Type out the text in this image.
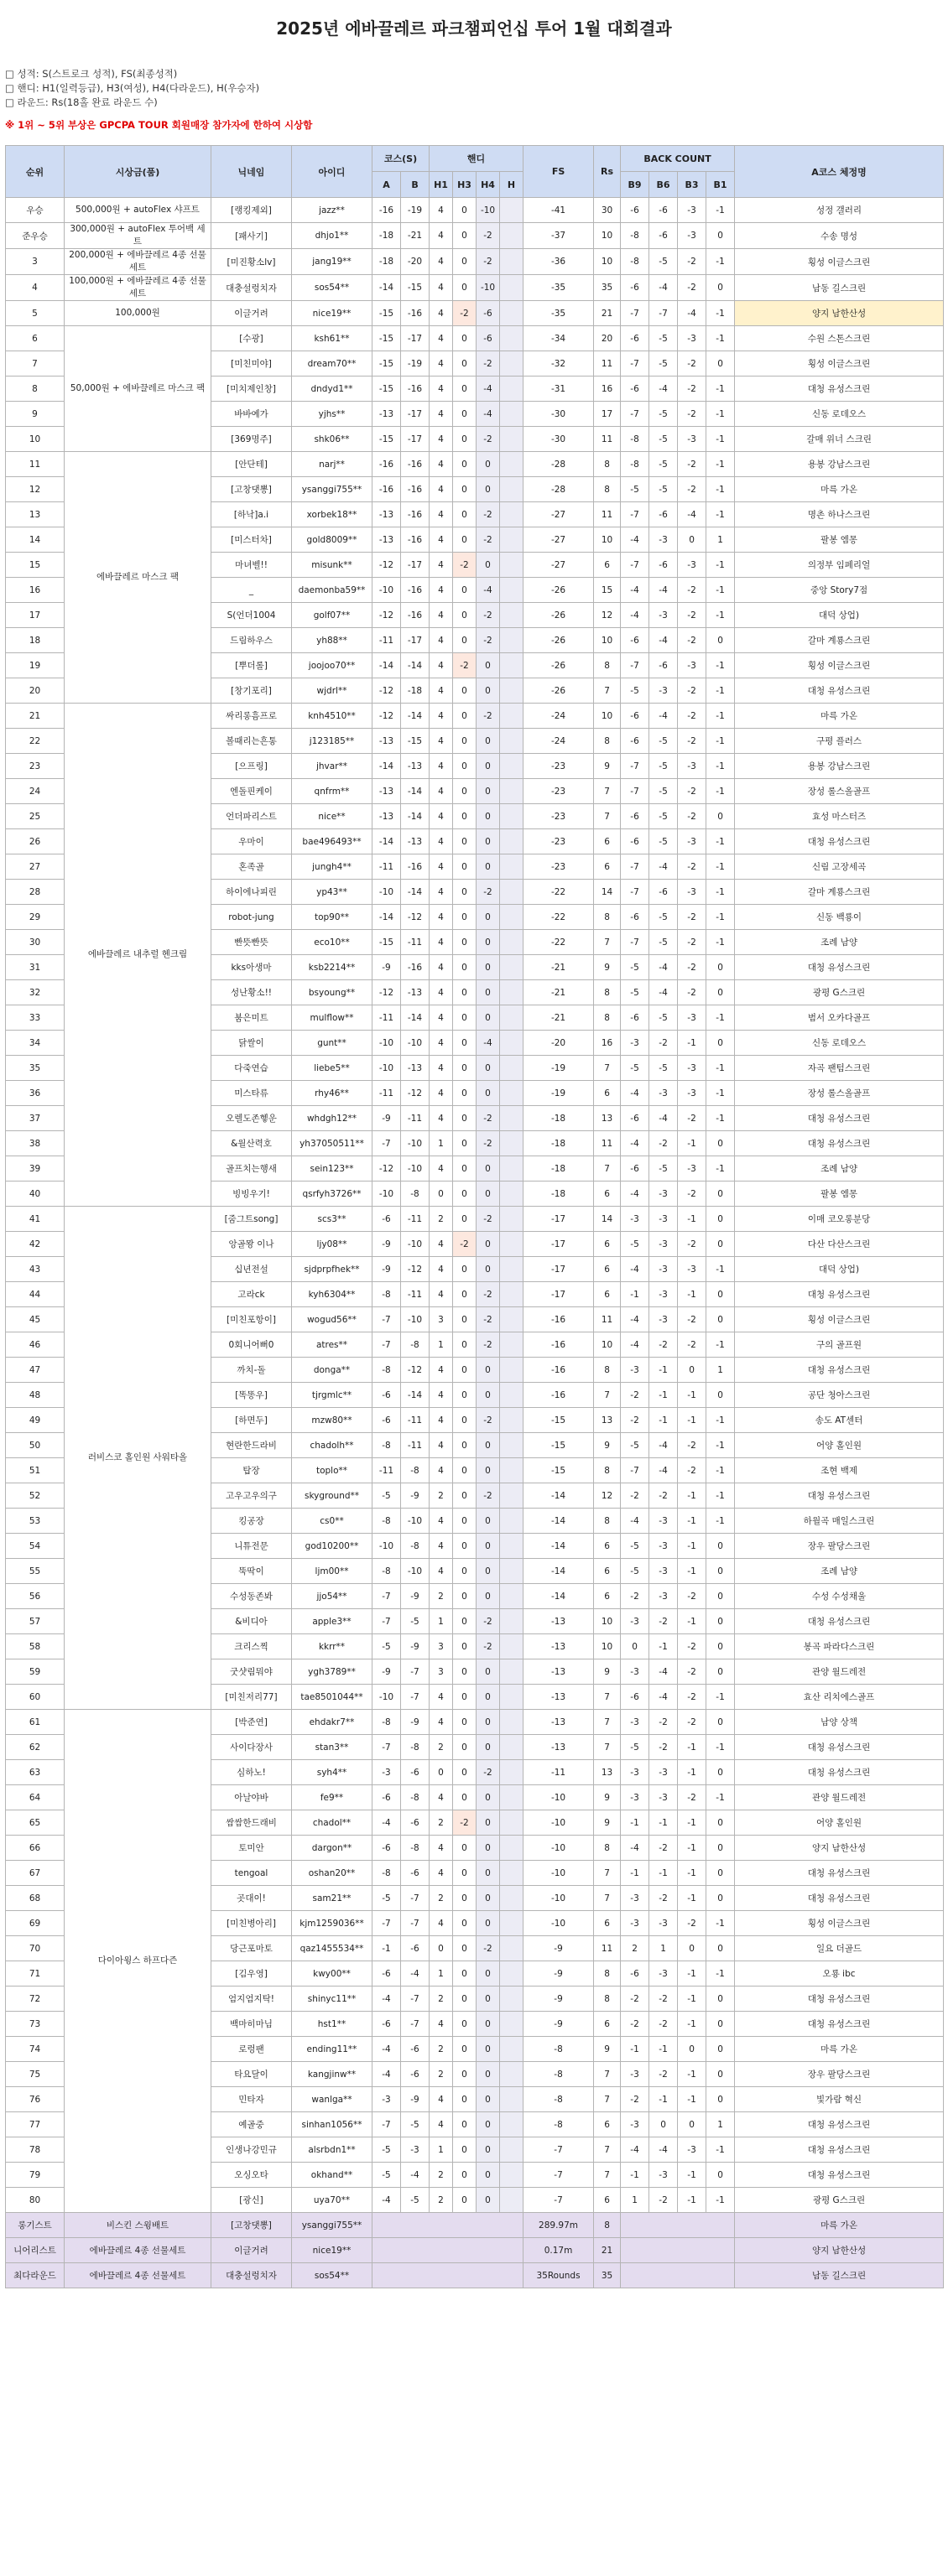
2025년 에바끌레르 파크챔피언십 투어 1월 대회결과
□ 성적: S(스트로크 성적), FS(최종성적)
□ 핸디: H1(일력등급), H3(여성), H4(다라운드), H(우승자)
□ 라운드: Rs(18홀 완료 라운드 수)
※ 1위 ~ 5위 부상은 GPCPA TOUR 회원매장 참가자에 한하여 시상함
순위	시상금(품)	닉네임	아이디	코스(S)		핸디				FS	Rs	BACK COUNT				A코스 체정명
				A	B	H1	H3	H4	H			B9	B6	B3	B1	
우승	500,000원 + autoFlex 샤프트	[랭킹제외]	jazz**	-16	-19	4	0	-10		-41	30	-6	-6	-3	-1	성정 갤러리
준우승	300,000원 + autoFlex 투어백 세트	[패사기]	dhjo1**	-18	-21	4	0	-2		-37	10	-8	-6	-3	0	수송 명성
3	200,000원 + 에바끌레르 4종 선물세트	[미진황소lv]	jang19**	-18	-20	4	0	-2		-36	10	-8	-5	-2	-1	횡성 이글스크린
4	100,000원 + 에바끌레르 4종 선물세트	대충설렁치자	sos54**	-14	-15	4	0	-10		-35	35	-6	-4	-2	0	남동 길스크린
5	100,000원	이글거려	nice19**	-15	-16	4	-2	-6		-35	21	-7	-7	-4	-1	양지 남한산성
6	50,000원 + 에바끌레르 마스크 팩	[수광]	ksh61**	-15	-17	4	0	-6		-34	20	-6	-5	-3	-1	수원 스톤스크린
7		[미친미야]	dream70**	-15	-19	4	0	-2		-32	11	-7	-5	-2	0	횡성 이글스크린
8		[미치제인창]	dndyd1**	-15	-16	4	0	-4		-31	16	-6	-4	-2	-1	대청 유성스크린
9		바바예가	yjhs**	-13	-17	4	0	-4		-30	17	-7	-5	-2	-1	신동 로데오스
10		[369명주]	shk06**	-15	-17	4	0	-2		-30	11	-8	-5	-3	-1	갈매 위너 스크린
11	에바끌레르 마스크 팩	[안단테]	narj**	-16	-16	4	0	0		-28	8	-8	-5	-2	-1	용봉 강남스크린
12		[고창댓뽕]	ysanggi755**	-16	-16	4	0	0		-28	8	-5	-5	-2	-1	마륵 가온
13		[하낙]a.i	xorbek18**	-13	-16	4	0	-2		-27	11	-7	-6	-4	-1	명촌 하나스크린
14		[미스터차]	gold8009**	-13	-16	4	0	-2		-27	10	-4	-3	0	1	팔봉 엠몽
15		마녀벨!!	misunk**	-12	-17	4	-2	0		-27	6	-7	-6	-3	-1	의정부 임페리얼
16		_	daemonba59**	-10	-16	4	0	-4		-26	15	-4	-4	-2	-1	중앙 Story7점
17		S(언더1004	golf07**	-12	-16	4	0	-2		-26	12	-4	-3	-2	-1	대덕 상업)
18		드림하우스	yh88**	-11	-17	4	0	-2		-26	10	-6	-4	-2	0	갈마 계룡스크린
19		[뿌더롤]	joojoo70**	-14	-14	4	-2	0		-26	8	-7	-6	-3	-1	횡성 이글스크린
20		[창기포리]	wjdrl**	-12	-18	4	0	0		-26	7	-5	-3	-2	-1	대청 유성스크린
21	에바끌레르 내추럴 헨크림	싸리롱흠프로	knh4510**	-12	-14	4	0	-2		-24	10	-6	-4	-2	-1	마륵 가온
22		볼때리는흔통	j123185**	-13	-15	4	0	0		-24	8	-6	-5	-2	-1	구평 플러스
23		[으프링]	jhvar**	-14	-13	4	0	0		-23	9	-7	-5	-3	-1	용봉 강남스크린
24		엔돌핀케이	qnfrm**	-13	-14	4	0	0		-23	7	-7	-5	-2	-1	장성 롤스올골프
25		언더파리스트	nice**	-13	-14	4	0	0		-23	7	-6	-5	-2	0	효성 마스터즈
26		우마이	bae496493**	-14	-13	4	0	0		-23	6	-6	-5	-3	-1	대청 유성스크린
27		혼족골	jungh4**	-11	-16	4	0	0		-23	6	-7	-4	-2	-1	신림 고장세곡
28		하이에나피린	yp43**	-10	-14	4	0	-2		-22	14	-7	-6	-3	-1	갈마 계룡스크린
29		robot-jung	top90**	-14	-12	4	0	0		-22	8	-6	-5	-2	-1	신동 백룡이
30		빤뜻빤뜻	eco10**	-15	-11	4	0	0		-22	7	-7	-5	-2	-1	조례 남양
31		kks아생마	ksb2214**	-9	-16	4	0	0		-21	9	-5	-4	-2	0	대청 유성스크린
32		성난황소!!	bsyoung**	-12	-13	4	0	0		-21	8	-5	-4	-2	0	광평 G스크린
33		붐은미트	mulflow**	-11	-14	4	0	0		-21	8	-6	-5	-3	-1	범서 오카다골프
34		닭쌀이	gunt**	-10	-10	4	0	-4		-20	16	-3	-2	-1	0	신동 로데오스
35		다죽연습	liebe5**	-10	-13	4	0	0		-19	7	-5	-5	-3	-1	자곡 팬텀스크린
36		미스타류	rhy46**	-11	-12	4	0	0		-19	6	-4	-3	-3	-1	장성 롤스올골프
37		오렐도존헿운	whdgh12**	-9	-11	4	0	-2		-18	13	-6	-4	-2	-1	대청 유성스크린
38		&월산력호	yh37050511**	-7	-10	1	0	-2		-18	11	-4	-2	-1	0	대청 유성스크린
39		골프치는행새	sein123**	-12	-10	4	0	0		-18	7	-6	-5	-3	-1	조례 남양
40		빙빙우기!	qsrfyh3726**	-10	-8	0	0	0		-18	6	-4	-3	-2	0	팔봉 엠몽
41	러비스코 홀인원 사워타올	[줌그트song]	scs3**	-6	-11	2	0	-2		-17	14	-3	-3	-1	0	이매 코오롱분당
42		앙골뫙 이나	ljy08**	-9	-10	4	-2	0		-17	6	-5	-3	-2	0	다산 다산스크린
43		십년전설	sjdprpfhek**	-9	-12	4	0	0		-17	6	-4	-3	-3	-1	대덕 상업)
44		고라ck	kyh6304**	-8	-11	4	0	-2		-17	6	-1	-3	-1	0	대청 유성스크린
45		[미친포항이]	wogud56**	-7	-10	3	0	-2		-16	11	-4	-3	-2	0	횡성 이글스크린
46		0회니어뻐0	atres**	-7	-8	1	0	-2		-16	10	-4	-2	-2	-1	구의 골프원
47		까치-돌	donga**	-8	-12	4	0	0		-16	8	-3	-1	0	1	대청 유성스크린
48		[똑똥우]	tjrgmlc**	-6	-14	4	0	0		-16	7	-2	-1	-1	0	공단 청아스크린
49		[하면두]	mzw80**	-6	-11	4	0	-2		-15	13	-2	-1	-1	-1	송도 AT센터
50		현란한드라비	chadolh**	-8	-11	4	0	0		-15	9	-5	-4	-2	-1	어양 홀인원
51		탑장	toplo**	-11	-8	4	0	0		-15	8	-7	-4	-2	-1	조현 백제
52		고우고우의구	skyground**	-5	-9	2	0	-2		-14	12	-2	-2	-1	-1	대청 유성스크린
53		킹공장	cs0**	-8	-10	4	0	0		-14	8	-4	-3	-1	-1	하월곡 매일스크린
54		니튜전문	god10200**	-10	-8	4	0	0		-14	6	-5	-3	-1	0	장우 팔당스크린
55		뚝딱이	ljm00**	-8	-10	4	0	0		-14	6	-5	-3	-1	0	조례 남양
56		수성동존봐	jjo54**	-7	-9	2	0	0		-14	6	-2	-3	-2	0	수성 수성채울
57		&비디아	apple3**	-7	-5	1	0	-2		-13	10	-3	-2	-1	0	대청 유성스크린
58		크리스찍	kkrr**	-5	-9	3	0	-2		-13	10	0	-1	-2	0	봉곡 파라다스크린
59		굿샷림뭐야	ygh3789**	-9	-7	3	0	0		-13	9	-3	-4	-2	0	관양 월드레전
60		[미친저리77]	tae8501044**	-10	-7	4	0	0		-13	7	-6	-4	-2	-1	효산 리치에스골프
61	다이아윙스 하프다즌	[박준연]	ehdakr7**	-8	-9	4	0	0		-13	7	-3	-2	-2	0	남양 상책
62		사이다장사	stan3**	-7	-8	2	0	0		-13	7	-5	-2	-1	-1	대청 유성스크린
63		심하노!	syh4**	-3	-6	0	0	-2		-11	13	-3	-3	-1	0	대청 유성스크린
64		아날야바	fe9**	-6	-8	4	0	0		-10	9	-3	-3	-2	-1	관양 월드레전
65		쌈쌈한드래비	chadol**	-4	-6	2	-2	0		-10	9	-1	-1	-1	0	어양 홀인원
66		토미안	dargon**	-6	-8	4	0	0		-10	8	-4	-2	-1	0	양지 남한산성
67		tengoal	oshan20**	-8	-6	4	0	0		-10	7	-1	-1	-1	0	대청 유성스크린
68		곳대이!	sam21**	-5	-7	2	0	0		-10	7	-3	-2	-1	0	대청 유성스크린
69		[미친병아리]	kjm1259036**	-7	-7	4	0	0		-10	6	-3	-3	-2	-1	횡성 이글스크린
70		당근포마토	qaz1455534**	-1	-6	0	0	-2		-9	11	2	1	0	0	일요 더골드
71		[김우영]	kwy00**	-6	-4	1	0	0		-9	8	-6	-3	-1	-1	오룡 ibc
72		엄지엄지탁!	shinyc11**	-4	-7	2	0	0		-9	8	-2	-2	-1	0	대청 유성스크린
73		백마히마님	hst1**	-6	-7	4	0	0		-9	6	-2	-2	-1	0	대청 유성스크린
74		로렁팬	ending11**	-4	-6	2	0	0		-8	9	-1	-1	0	0	마륵 가온
75		타요달이	kangjinw**	-4	-6	2	0	0		-8	7	-3	-2	-1	0	장우 팔당스크린
76		민타자	wanlga**	-3	-9	4	0	0		-8	7	-2	-1	-1	0	빛가람 혁신
77		예골중	sinhan1056**	-7	-5	4	0	0		-8	6	-3	0	0	1	대청 유성스크린
78		인생나강민규	alsrbdn1**	-5	-3	1	0	0		-7	7	-4	-4	-3	-1	대청 유성스크린
79		오싱오타	okhand**	-5	-4	2	0	0		-7	7	-1	-3	-1	0	대청 유성스크린
80		[광신]	uya70**	-4	-5	2	0	0		-7	6	1	-2	-1	-1	광평 G스크린
롱기스트	비스킨 스윙배트	[고창댓뽕]	ysanggi755**							289.97m	8					마륵 가온
니어리스트	에바끌레르 4종 선물세트	이글거려	nice19**							0.17m	21					양지 남한산성
최다라운드	에바끌레르 4종 선물세트	대충설렁치자	sos54**							35Rounds	35					남동 길스크린
